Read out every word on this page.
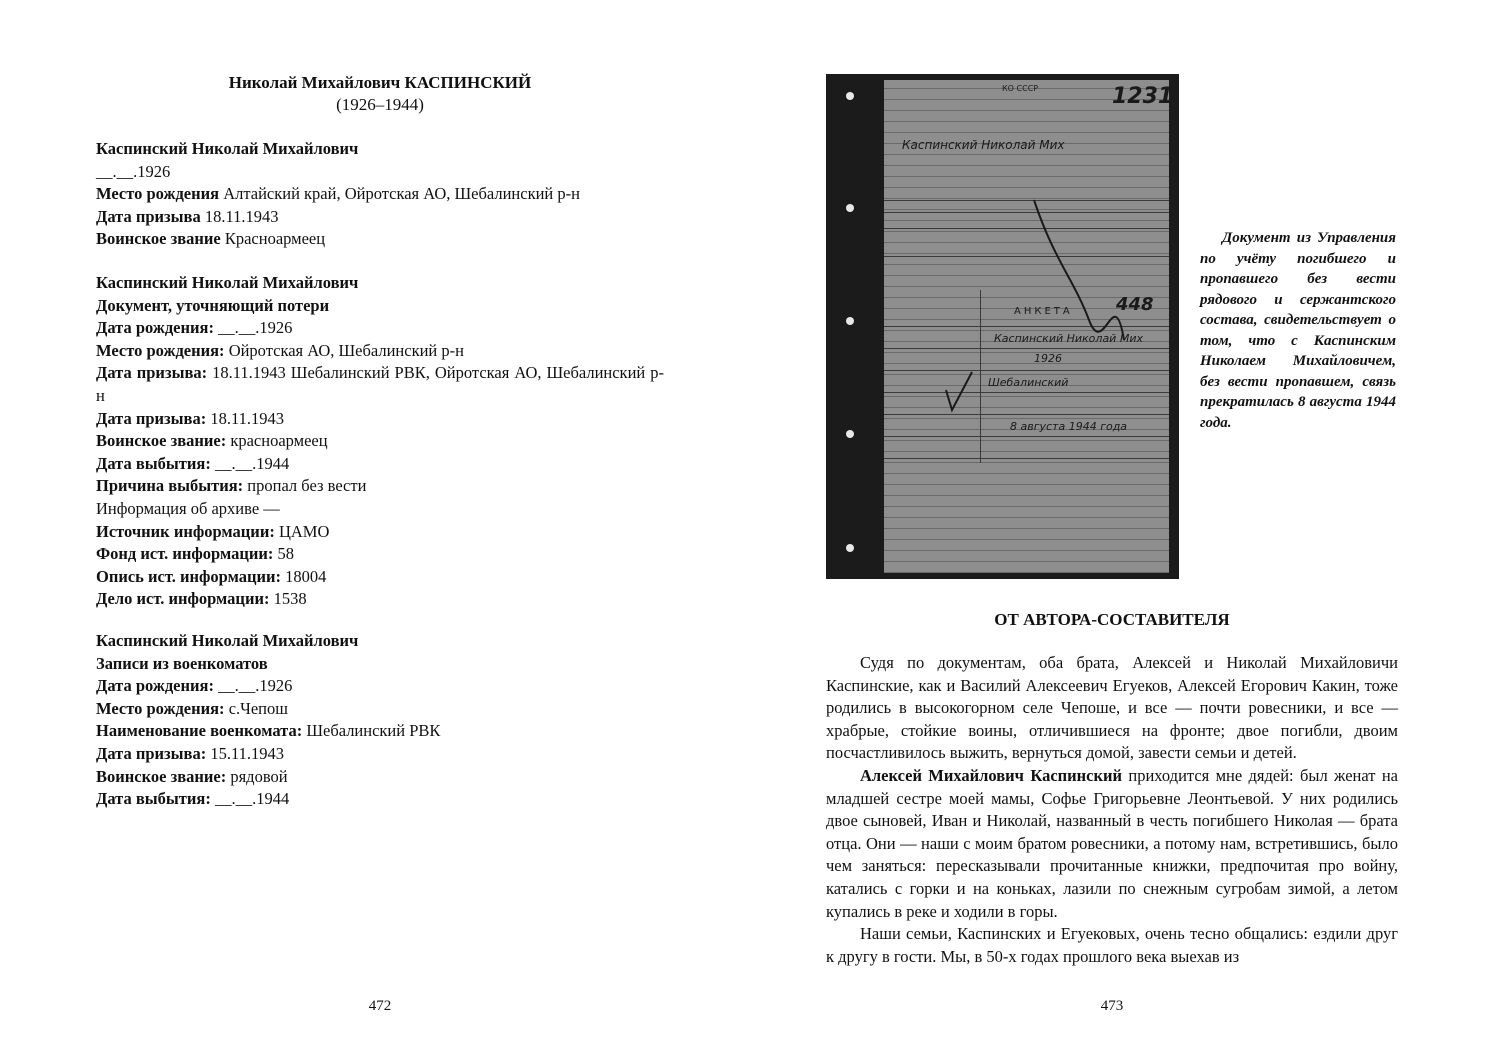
Николай Михайлович КАСПИНСКИЙ
(1926–1944)
Каспинский Николай Михайлович
__.__.1926
Место рождения Алтайский край, Ойротская АО, Шебалинский р-н
Дата призыва 18.11.1943
Воинское звание Красноармеец
Каспинский Николай Михайлович
Документ, уточняющий потери
Дата рождения: __.__.1926
Место рождения: Ойротская АО, Шебалинский р-н
Дата призыва: 18.11.1943 Шебалинский РВК, Ойротская АО, Шебалинский р-н
Дата призыва: 18.11.1943
Воинское звание: красноармеец
Дата выбытия: __.__.1944
Причина выбытия: пропал без вести
Информация об архиве —
Источник информации: ЦАМО
Фонд ист. информации: 58
Опись ист. информации: 18004
Дело ист. информации: 1538
Каспинский Николай Михайлович
Записи из военкоматов
Дата рождения: __.__.1926
Место рождения: с.Чепош
Наименование военкомата: Шебалинский РВК
Дата призыва: 15.11.1943
Воинское звание: рядовой
Дата выбытия: __.__.1944
472
КО СССР	1231
Каспинский Николай Мих
АНКЕТА 448
Каспинский Николай Мих
1926
Шебалинский
8 августа 1944 года
Документ из Управления по учёту погибшего и пропавшего без вести рядового и сержантского состава, свидетельствует о том, что с Каспинским Николаем Михайловичем, без вести пропавшем, связь прекратилась 8 августа 1944 года.
ОТ АВТОРА-СОСТАВИТЕЛЯ

Судя по документам, оба брата, Алексей и Николай Михайловичи Каспинские, как и Василий Алексеевич Егуеков, Алексей Егорович Какин, тоже родились в высокогорном селе Чепоше, и все — почти ровесники, и все — храбрые, стойкие воины, отличившиеся на фронте; двое погибли, двоим посчастливилось выжить, вернуться домой, завести семьи и детей.

Алексей Михайлович Каспинский приходится мне дядей: был женат на младшей сестре моей мамы, Софье Григорьевне Леонтьевой. У них родились двое сыновей, Иван и Николай, названный в честь погибшего Николая — брата отца. Они — наши с моим братом ровесники, а потому нам, встретившись, было чем заняться: пересказывали прочитанные книжки, предпочитая про войну, катались с горки и на коньках, лазили по снежным сугробам зимой, а летом купались в реке и ходили в горы.

Наши семьи, Каспинских и Егуековых, очень тесно общались: ездили друг к другу в гости. Мы, в 50-х годах прошлого века выехав из

473
